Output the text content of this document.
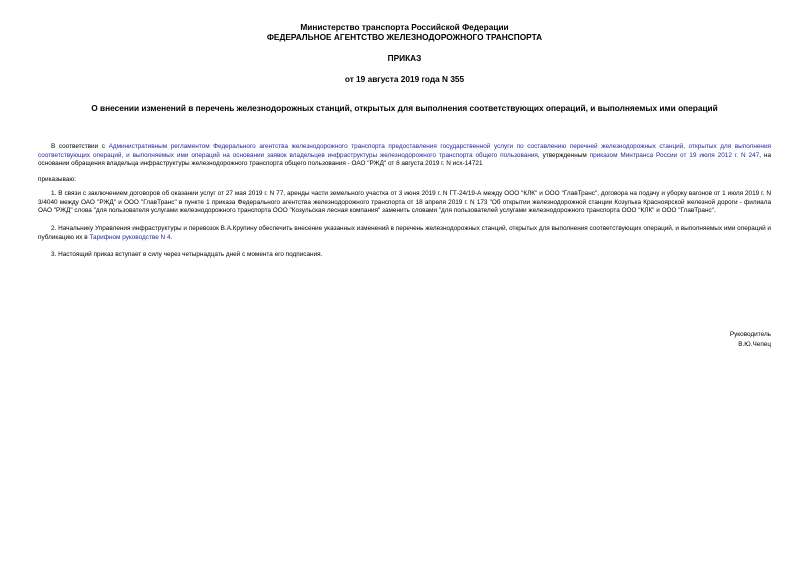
Министерство транспорта Российской Федерации
ФЕДЕРАЛЬНОЕ АГЕНТСТВО ЖЕЛЕЗНОДОРОЖНОГО ТРАНСПОРТА
ПРИКАЗ
от 19 августа 2019 года N 355
О внесении изменений в перечень железнодорожных станций, открытых для выполнения соответствующих операций, и выполняемых ими операций

В соответствии с Административным регламентом Федерального агентства железнодорожного транспорта предоставления государственной услуги по составлению перечней железнодорожных станций, открытых для выполнения соответствующих операций, и выполняемых ими операций на основании заявок владельцев инфраструктуры железнодорожного транспорта общего пользования, утвержденным приказом Минтранса России от 19 июля 2012 г. N 247, на основании обращения владельца инфраструктуры железнодорожного транспорта общего пользования - ОАО "РЖД" от 8 августа 2019 г. N исх-14721

приказываю:

1. В связи с заключением договоров об оказании услуг от 27 мая 2019 г. N 77, аренды части земельного участка от 3 июня 2019 г. N ГТ-24/19-А между ООО "КЛК" и ООО "ГлавТранс", договора на подачу и уборку вагонов от 1 июля 2019 г. N 3/4040 между ОАО "РЖД" и ООО "ГлавТранс" в пункте 1 приказа Федерального агентства железнодорожного транспорта от 18 апреля 2019 г. N 173 "Об открытии железнодорожной станции Козулька Красноярской железной дороги - филиала ОАО "РЖД" слова "для пользователя услугами железнодорожного транспорта ООО "Козульская лесная компания" заменить словами "для пользователей услугами железнодорожного транспорта ООО "КЛК" и ООО "ГлавТранс".

2. Начальнику Управления инфраструктуры и перевозок В.А.Крупину обеспечить внесение указанных изменений в перечень железнодорожных станций, открытых для выполнения соответствующих операций, и выполняемых ими операций и публикацию их в Тарифном руководстве N 4.

3. Настоящий приказ вступает в силу через четырнадцать дней с момента его подписания.

Руководитель
В.Ю.Чепец
